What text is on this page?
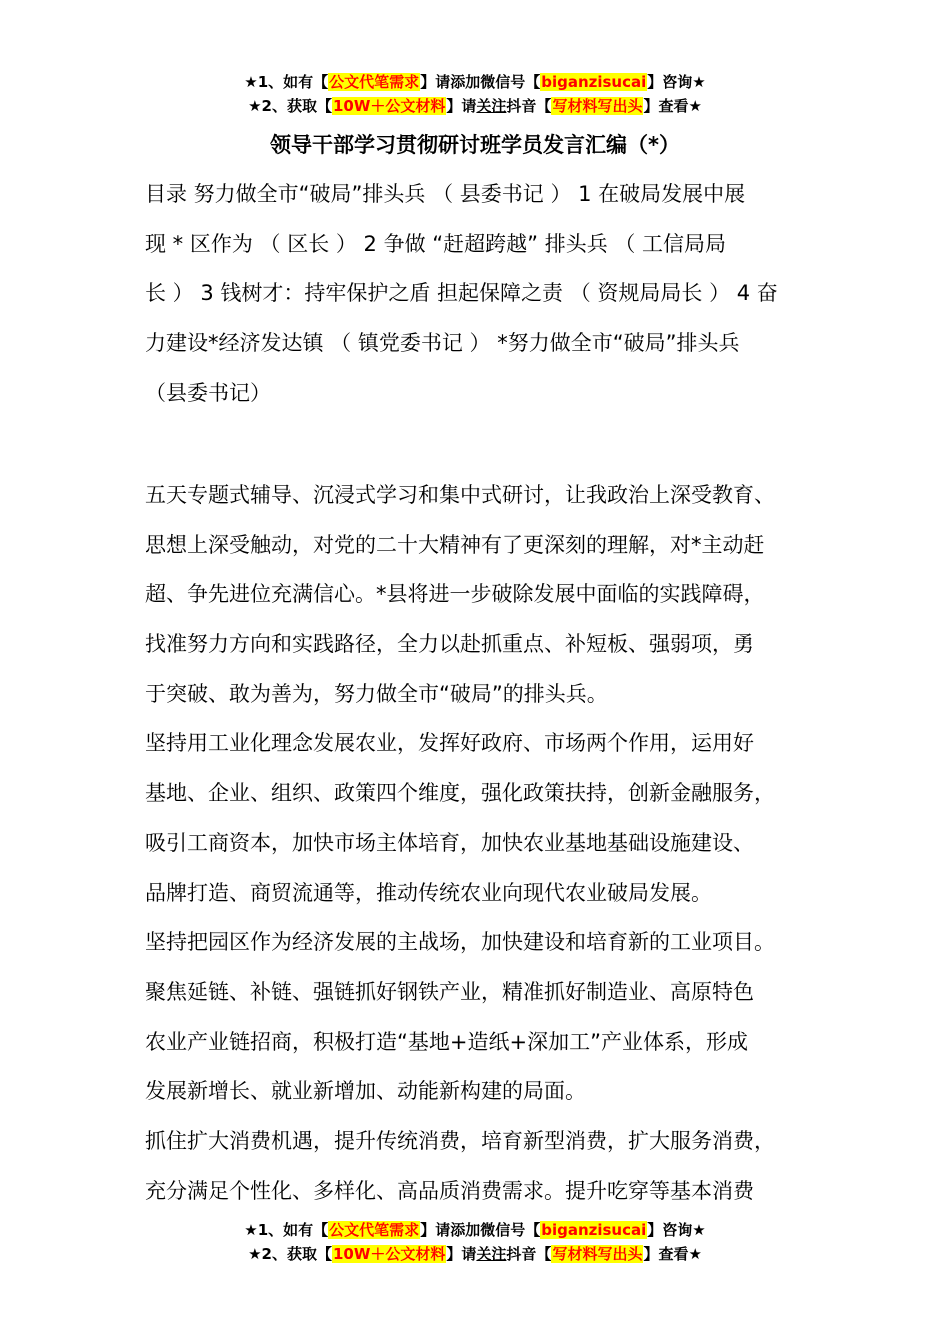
★1、如有【公文代笔需求】请添加微信号【biganzisucai】咨询★
★2、获取【10W＋公文材料】请关注抖音【写材料写出头】查看★
领导干部学习贯彻研讨班学员发言汇编（*）
目录 努力做全市“破局”排头兵 （ 县委书记 ） 1 在破局发展中展
现 * 区作为 （ 区长 ） 2 争做 “赶超跨越” 排头兵 （ 工信局局
长 ） 3 钱树才：持牢保护之盾 担起保障之责 （ 资规局局长 ） 4 奋
力建设*经济发达镇 （ 镇党委书记 ） *努力做全市“破局”排头兵
（县委书记）
五天专题式辅导、沉浸式学习和集中式研讨，让我政治上深受教育、
思想上深受触动，对党的二十大精神有了更深刻的理解，对*主动赶
超、争先进位充满信心。*县将进一步破除发展中面临的实践障碍，
找准努力方向和实践路径，全力以赴抓重点、补短板、强弱项，勇
于突破、敢为善为，努力做全市“破局”的排头兵。
坚持用工业化理念发展农业，发挥好政府、市场两个作用，运用好
基地、企业、组织、政策四个维度，强化政策扶持，创新金融服务，
吸引工商资本，加快市场主体培育，加快农业基地基础设施建设、
品牌打造、商贸流通等，推动传统农业向现代农业破局发展。
坚持把园区作为经济发展的主战场，加快建设和培育新的工业项目。
聚焦延链、补链、强链抓好钢铁产业，精准抓好制造业、高原特色
农业产业链招商，积极打造“基地+造纸+深加工”产业体系，形成
发展新增长、就业新增加、动能新构建的局面。
抓住扩大消费机遇，提升传统消费，培育新型消费，扩大服务消费，
充分满足个性化、多样化、高品质消费需求。提升吃穿等基本消费
★1、如有【公文代笔需求】请添加微信号【biganzisucai】咨询★
★2、获取【10W＋公文材料】请关注抖音【写材料写出头】查看★
